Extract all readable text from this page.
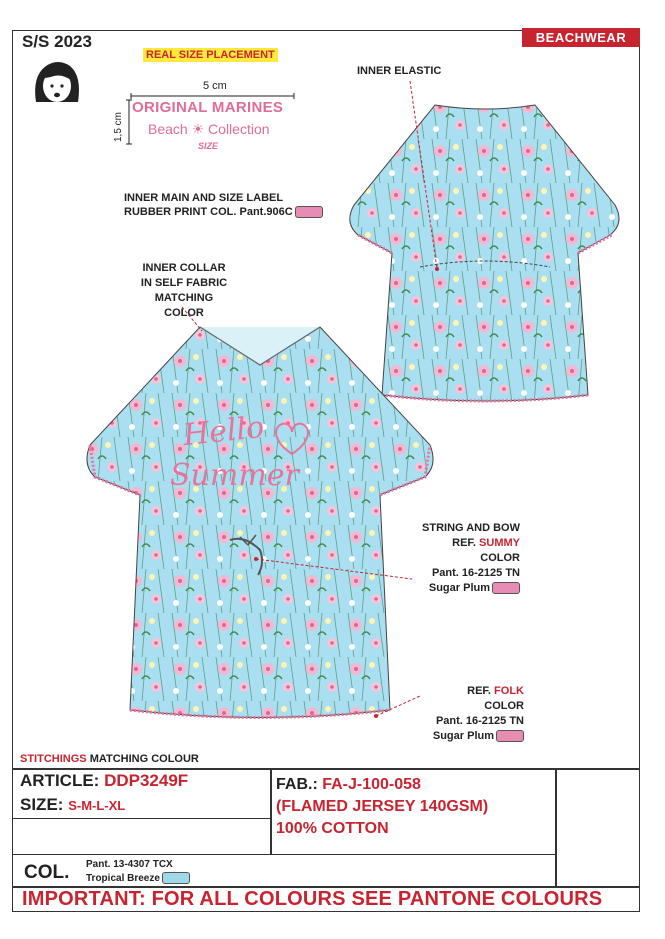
S/S 2023	BEACHWEAR
REAL SIZE PLACEMENT
5 cm
1,5 cm
ORIGINAL MARINES
Beach ☀ Collection
SIZE
INNER MAIN AND SIZE LABEL
RUBBER PRINT COL. Pant.906C
INNER ELASTIC
Hello
Summer
INNER COLLAR
IN SELF FABRIC
MATCHING COLOR
STRING AND BOW
REF. SUMMY
COLOR
Pant. 16-2125 TN
Sugar Plum
REF. FOLK
COLOR
Pant. 16-2125 TN
Sugar Plum
STITCHINGS MATCHING COLOUR
ARTICLE: DDP3249F
SIZE: S-M-L-XL
FAB.: FA-J-100-058
(FLAMED JERSEY 140GSM)
100% COTTON
COL. Pant. 13-4307 TCX
Tropical Breeze
IMPORTANT: FOR ALL COLOURS SEE PANTONE COLOURS
